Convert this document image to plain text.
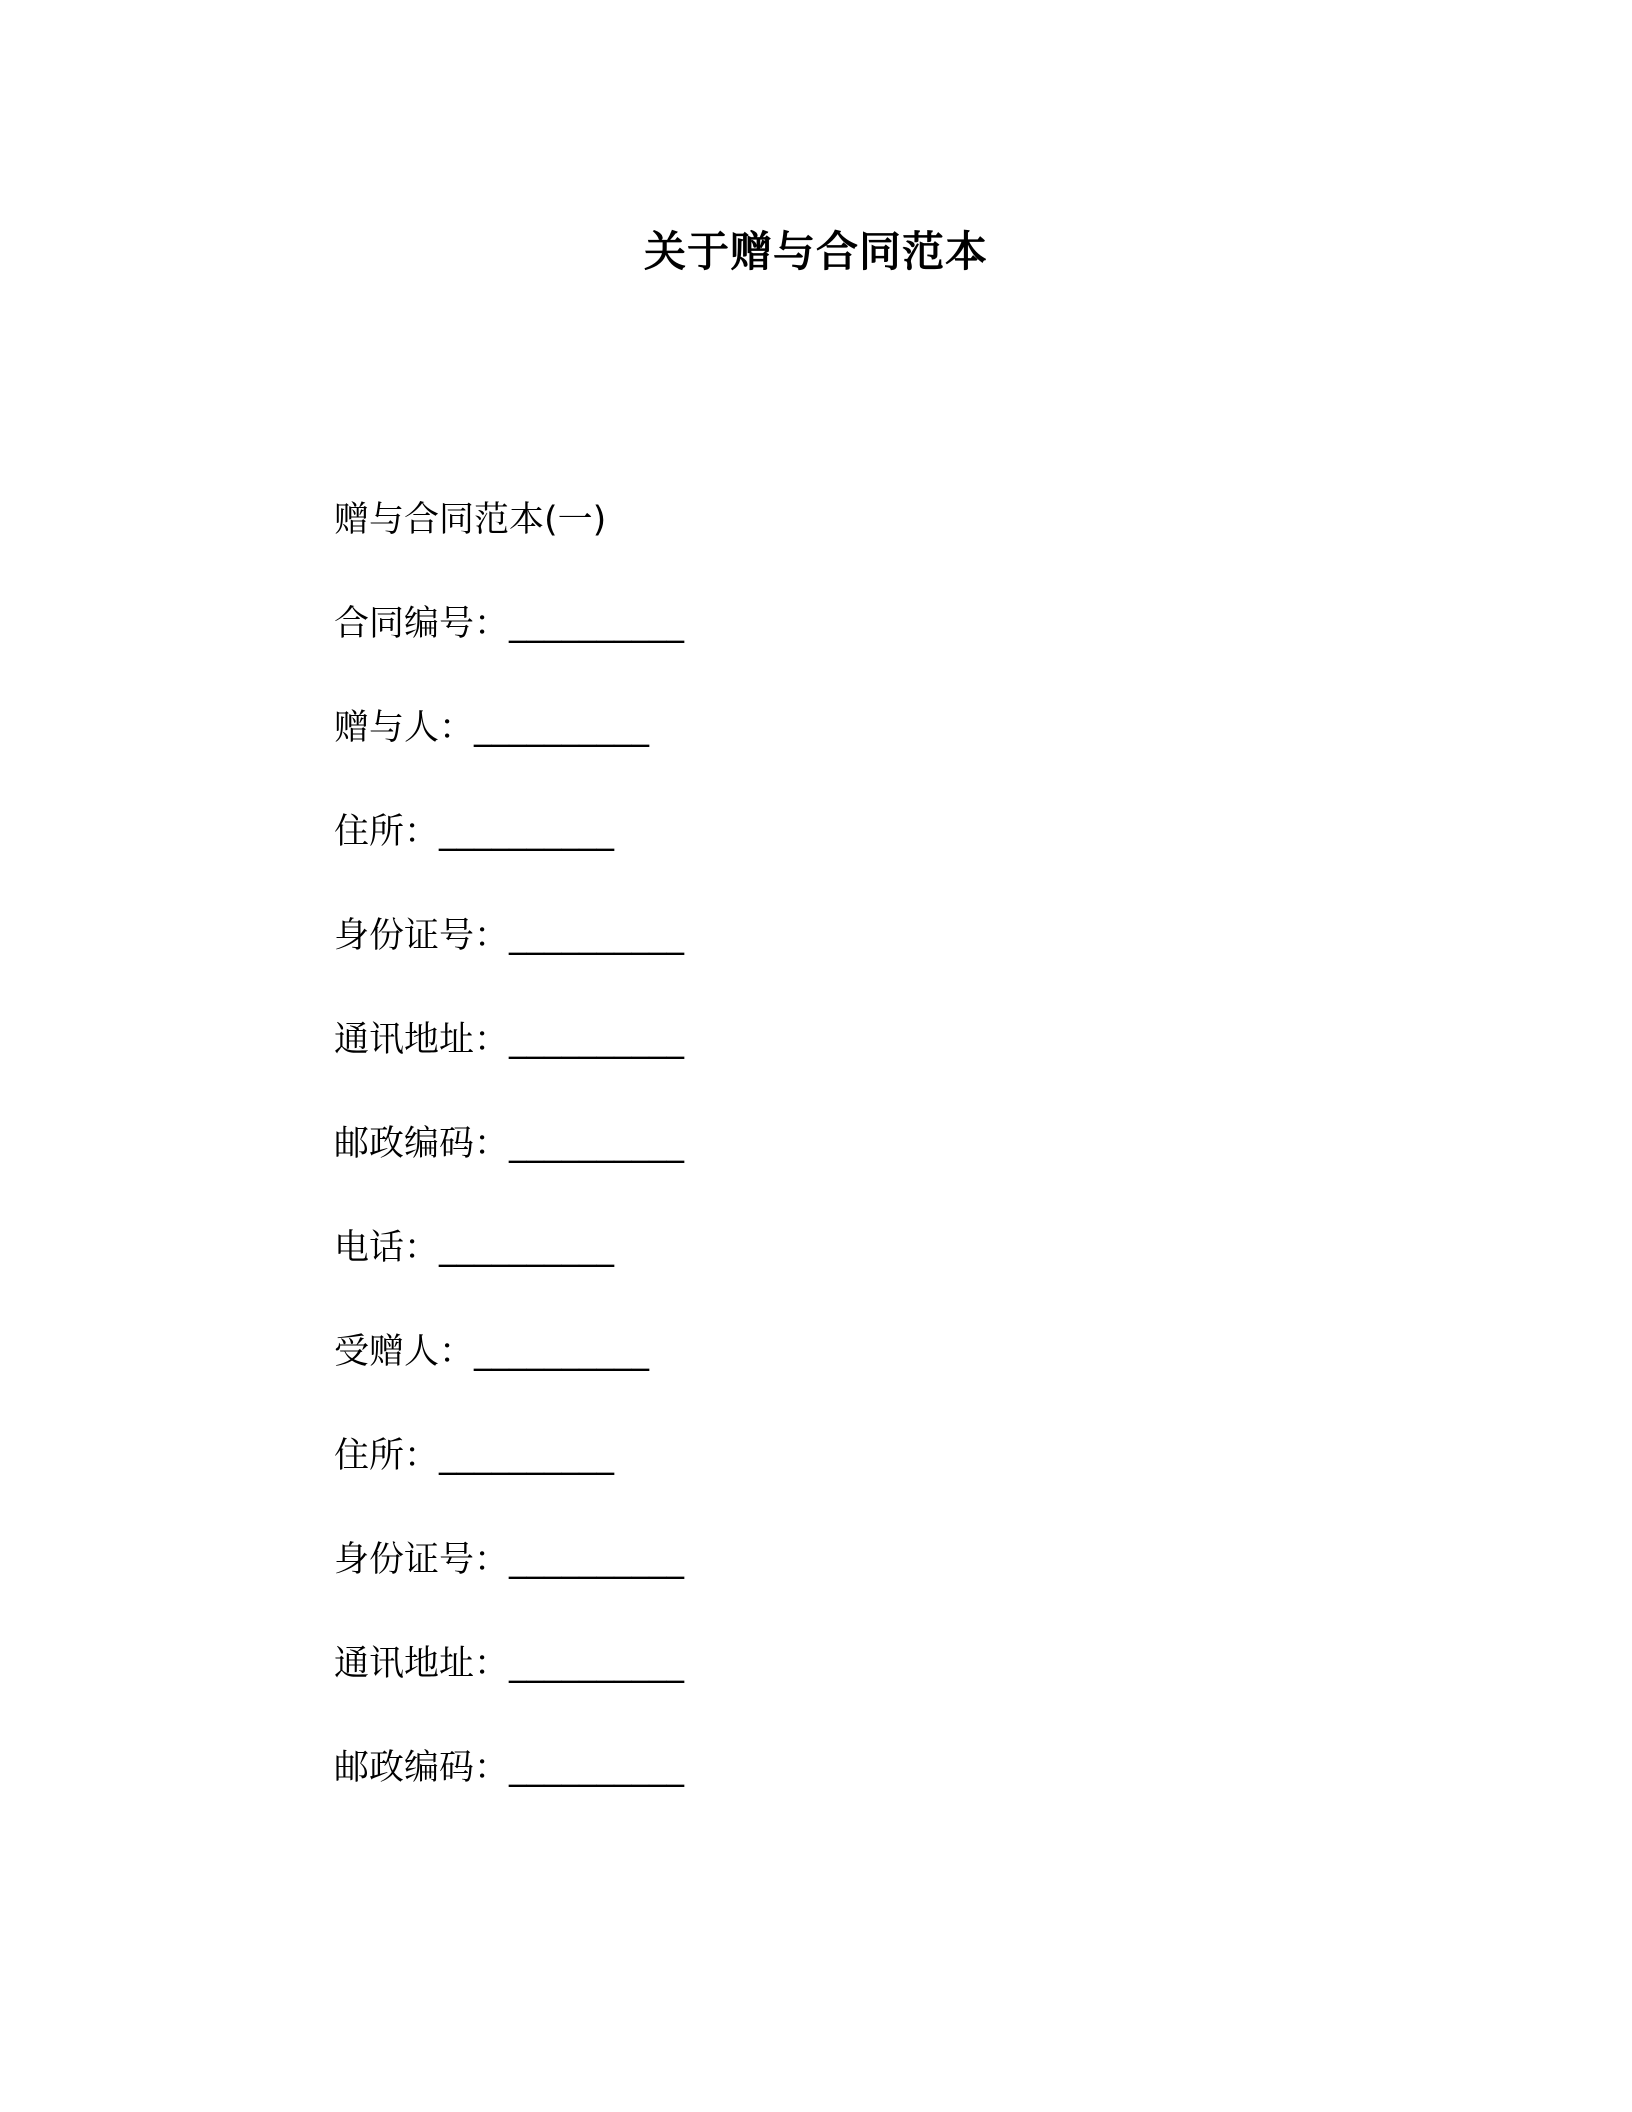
关于赠与合同范本
赠与合同范本(一)
合同编号：__________
赠与人：__________
住所：__________
身份证号：__________
通讯地址：__________
邮政编码：__________
电话：__________
受赠人：__________
住所：__________
身份证号：__________
通讯地址：__________
邮政编码：__________
